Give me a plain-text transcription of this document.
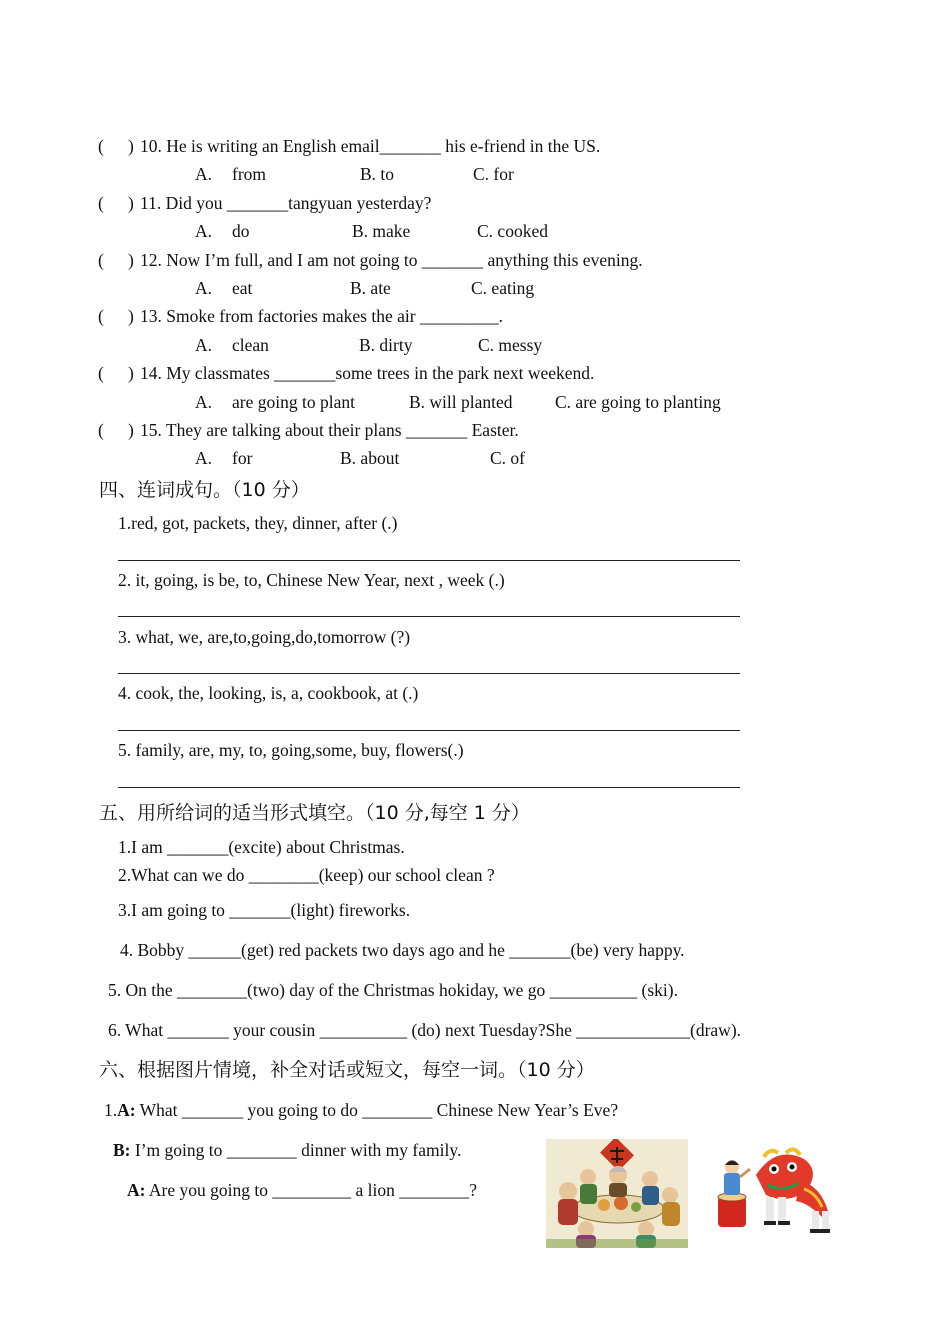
( ) 10. He is writing an English email_______ his e-friend in the US.
A. from	B. to	C. for
( ) 11. Did you _______tangyuan yesterday?
A. do	B. make	C. cooked
( ) 12. Now I’m full, and I am not going to _______ anything this evening.
A. eat	B. ate	C. eating
( ) 13. Smoke from factories makes the air _________.
A. clean	B. dirty	C. messy
( ) 14. My classmates _______some trees in the park next weekend.
A. are going to plant	B. will planted C. are going to planting
( ) 15. They are talking about their plans _______ Easter.
A. for	B. about	C. of
四、连词成句。（10 分）
1.red, got, packets, they, dinner, after (.)
2. it, going, is be, to, Chinese New Year, next , week (.)
3. what, we, are,to,going,do,tomorrow (?)
4. cook, the, looking, is, a, cookbook, at (.)
5. family, are, my, to, going,some, buy, flowers(.)
五、用所给词的适当形式填空。（10 分,每空 1 分）
1.I am _______(excite) about Christmas.
2.What can we do ________(keep) our school clean ?
3.I am going to _______(light) fireworks.
4. Bobby ______(get) red packets two days ago and he _______(be) very happy.
5. On the ________(two) day of the Christmas hokiday, we go __________ (ski).
6. What _______ your cousin __________ (do) next Tuesday?She _____________(draw).
六、根据图片情境，补全对话或短文，每空一词。（10 分）
1.A: What _______ you going to do ________ Chinese New Year’s Eve?
B: I’m going to ________ dinner with my family.
A: Are you going to _________ a lion ________?
